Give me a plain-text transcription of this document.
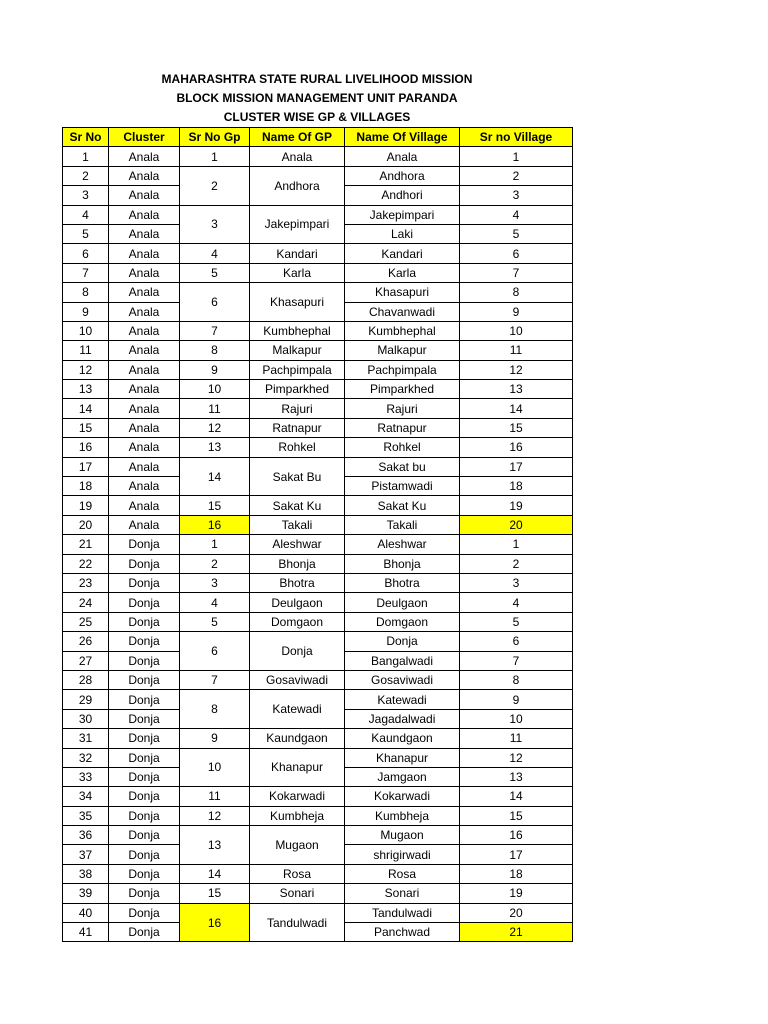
MAHARASHTRA STATE RURAL LIVELIHOOD MISSION
BLOCK MISSION MANAGEMENT UNIT PARANDA
CLUSTER WISE GP & VILLAGES
Sr No	Cluster	Sr No Gp	Name Of GP	Name Of Village	Sr no Village
1	Anala	1	Anala	Anala	1
2	Anala	2	Andhora	Andhora	2
3	Anala			Andhori	3
4	Anala	3	Jakepimpari	Jakepimpari	4
5	Anala			Laki	5
6	Anala	4	Kandari	Kandari	6
7	Anala	5	Karla	Karla	7
8	Anala	6	Khasapuri	Khasapuri	8
9	Anala			Chavanwadi	9
10	Anala	7	Kumbhephal	Kumbhephal	10
11	Anala	8	Malkapur	Malkapur	11
12	Anala	9	Pachpimpala	Pachpimpala	12
13	Anala	10	Pimparkhed	Pimparkhed	13
14	Anala	11	Rajuri	Rajuri	14
15	Anala	12	Ratnapur	Ratnapur	15
16	Anala	13	Rohkel	Rohkel	16
17	Anala	14	Sakat Bu	Sakat bu	17
18	Anala			Pistamwadi	18
19	Anala	15	Sakat Ku	Sakat Ku	19
20	Anala	16	Takali	Takali	20
21	Donja	1	Aleshwar	Aleshwar	1
22	Donja	2	Bhonja	Bhonja	2
23	Donja	3	Bhotra	Bhotra	3
24	Donja	4	Deulgaon	Deulgaon	4
25	Donja	5	Domgaon	Domgaon	5
26	Donja	6	Donja	Donja	6
27	Donja			Bangalwadi	7
28	Donja	7	Gosaviwadi	Gosaviwadi	8
29	Donja	8	Katewadi	Katewadi	9
30	Donja			Jagadalwadi	10
31	Donja	9	Kaundgaon	Kaundgaon	11
32	Donja	10	Khanapur	Khanapur	12
33	Donja			Jamgaon	13
34	Donja	11	Kokarwadi	Kokarwadi	14
35	Donja	12	Kumbheja	Kumbheja	15
36	Donja	13	Mugaon	Mugaon	16
37	Donja			shrigirwadi	17
38	Donja	14	Rosa	Rosa	18
39	Donja	15	Sonari	Sonari	19
40	Donja	16	Tandulwadi	Tandulwadi	20
41	Donja			Panchwad	21
